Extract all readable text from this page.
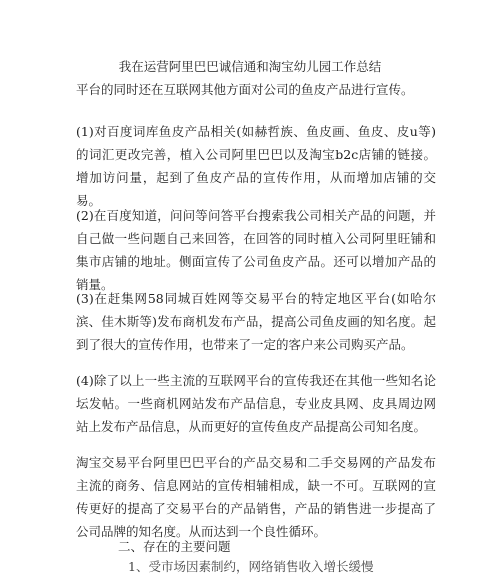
我在运营阿里巴巴诚信通和淘宝幼儿园工作总结

平台的同时还在互联网其他方面对公司的鱼皮产品进行宣传。

(1)对百度词库鱼皮产品相关(如赫哲族、鱼皮画、鱼皮、皮u等)的词汇更改完善，植入公司阿里巴巴以及淘宝b2c店铺的链接。增加访问量，起到了鱼皮产品的宣传作用，从而增加店铺的交易。

(2)在百度知道，问问等问答平台搜索我公司相关产品的问题，并自己做一些问题自己来回答，在回答的同时植入公司阿里旺铺和集市店铺的地址。侧面宣传了公司鱼皮产品。还可以增加产品的销量。

(3)在赶集网58同城百姓网等交易平台的特定地区平台(如哈尔滨、佳木斯等)发布商机发布产品，提高公司鱼皮画的知名度。起到了很大的宣传作用，也带来了一定的客户来公司购买产品。

(4)除了以上一些主流的互联网平台的宣传我还在其他一些知名论坛发帖。一些商机网站发布产品信息，专业皮具网、皮具周边网站上发布产品信息，从而更好的宣传鱼皮产品提高公司知名度。

淘宝交易平台阿里巴巴平台的产品交易和二手交易网的产品发布主流的商务、信息网站的宣传相辅相成，缺一不可。互联网的宣传更好的提高了交易平台的产品销售，产品的销售进一步提高了公司品牌的知名度。从而达到一个良性循环。

二、存在的主要问题
1、受市场因素制约，网络销售收入增长缓慢
